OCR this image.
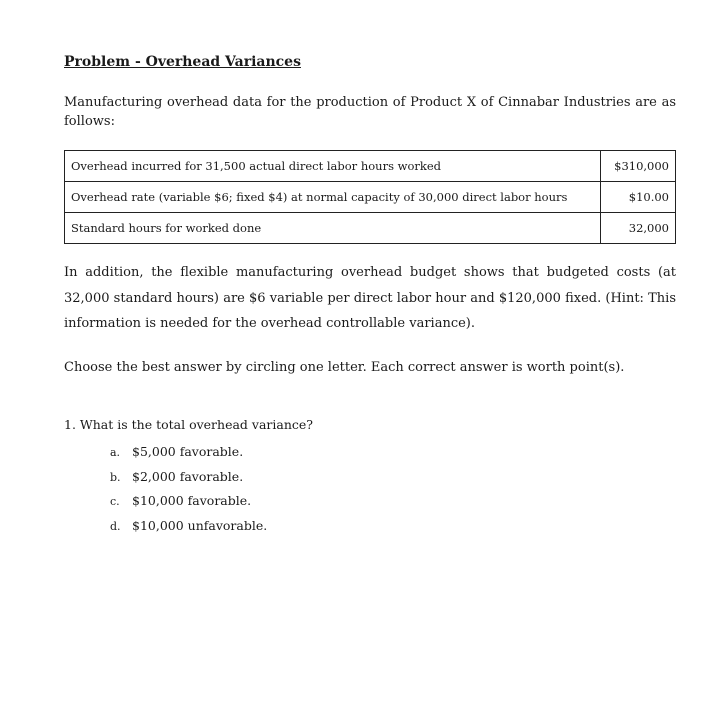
Problem - Overhead Variances
Manufacturing overhead data for the production of Product X of Cinnabar Industries are as follows:
Overhead incurred for 31,500 actual direct labor hours worked	$310,000
Overhead rate (variable $6; fixed $4) at normal capacity of 30,000 direct labor hours	$10.00
Standard hours for worked done	32,000
In addition, the flexible manufacturing overhead budget shows that budgeted costs (at 32,000 standard hours) are $6 variable per direct labor hour and $120,000 fixed. (Hint: This information is needed for the overhead controllable variance).
Choose the best answer by circling one letter. Each correct answer is worth point(s).
1. What is the total overhead variance?
a. $5,000 favorable.
b. $2,000 favorable.
c. $10,000 favorable.
d. $10,000 unfavorable.
